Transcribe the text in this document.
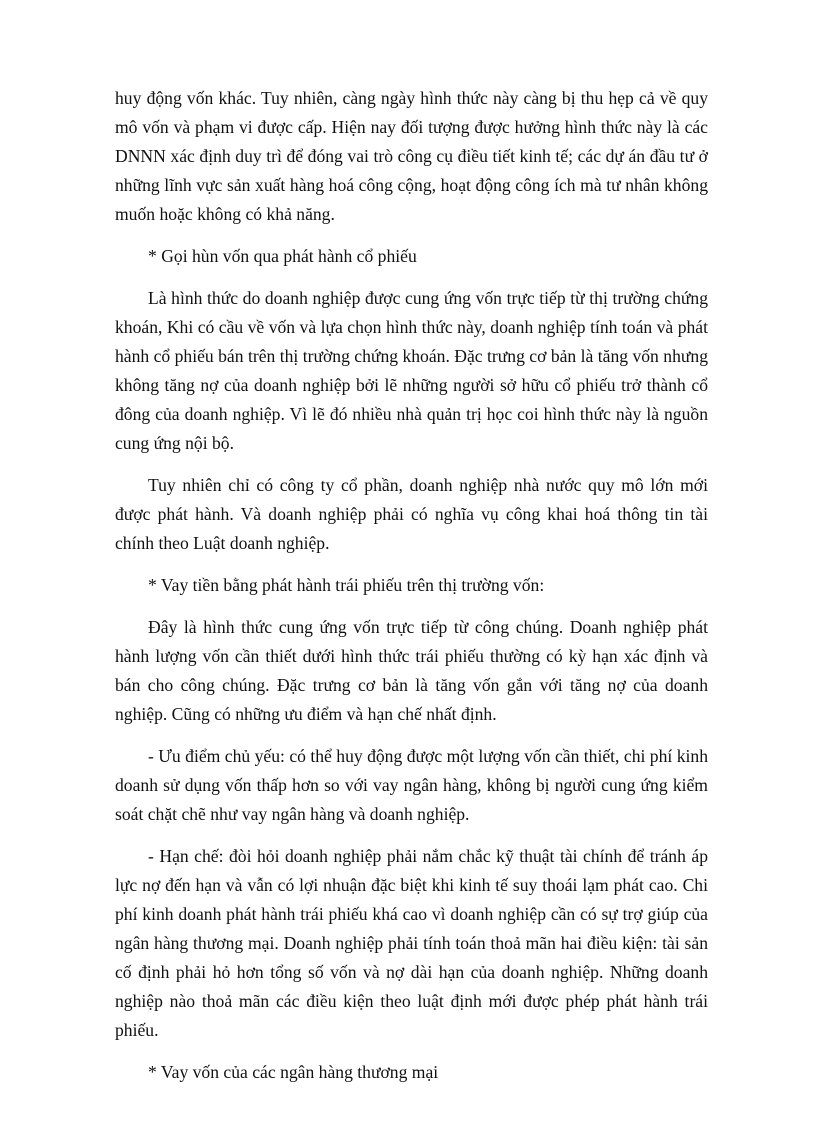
huy động vốn khác. Tuy nhiên, càng ngày hình thức này càng bị thu hẹp cả về quy mô vốn và phạm vi được cấp. Hiện nay đối tượng được hưởng hình thức này là các DNNN xác định duy trì để đóng vai trò công cụ điều tiết kinh tế; các dự án đầu tư ở những lĩnh vực sản xuất hàng hoá công cộng, hoạt động công ích mà tư nhân không muốn hoặc không có khả năng.

* Gọi hùn vốn qua phát hành cổ phiếu

Là hình thức do doanh nghiệp được cung ứng vốn trực tiếp từ thị trường chứng khoán, Khi có cầu về vốn và lựa chọn hình thức này, doanh nghiệp tính toán và phát hành cổ phiếu bán trên thị trường chứng khoán. Đặc trưng cơ bản là tăng vốn nhưng không tăng nợ của doanh nghiệp bởi lẽ những người sở hữu cổ phiếu trở thành cổ đông của doanh nghiệp. Vì lẽ đó nhiều nhà quản trị học coi hình thức này là nguồn cung ứng nội bộ.

Tuy nhiên chỉ có công ty cổ phần, doanh nghiệp nhà nước quy mô lớn mới được phát hành. Và doanh nghiệp phải có nghĩa vụ công khai hoá thông tin tài chính theo Luật doanh nghiệp.

* Vay tiền bằng phát hành trái phiếu trên thị trường vốn:

Đây là hình thức cung ứng vốn trực tiếp từ công chúng. Doanh nghiệp phát hành lượng vốn cần thiết dưới hình thức trái phiếu thường có kỳ hạn xác định và bán cho công chúng. Đặc trưng cơ bản là tăng vốn gắn với tăng nợ của doanh nghiệp. Cũng có những ưu điểm và hạn chế nhất định.

- Ưu điểm chủ yếu: có thể huy động được một lượng vốn cần thiết, chi phí kinh doanh sử dụng vốn thấp hơn so với vay ngân hàng, không bị người cung ứng kiểm soát chặt chẽ như vay ngân hàng và doanh nghiệp.

- Hạn chế: đòi hỏi doanh nghiệp phải nắm chắc kỹ thuật tài chính để tránh áp lực nợ đến hạn và vẫn có lợi nhuận đặc biệt khi kinh tế suy thoái lạm phát cao. Chi phí kinh doanh phát hành trái phiếu khá cao vì doanh nghiệp cần có sự trợ giúp của ngân hàng thương mại. Doanh nghiệp phải tính toán thoả mãn hai điều kiện: tài sản cố định phải hỏ hơn tổng số vốn và nợ dài hạn của doanh nghiệp. Những doanh nghiệp nào thoả mãn các điều kiện theo luật định mới được phép phát hành trái phiếu.

* Vay vốn của các ngân hàng thương mại
